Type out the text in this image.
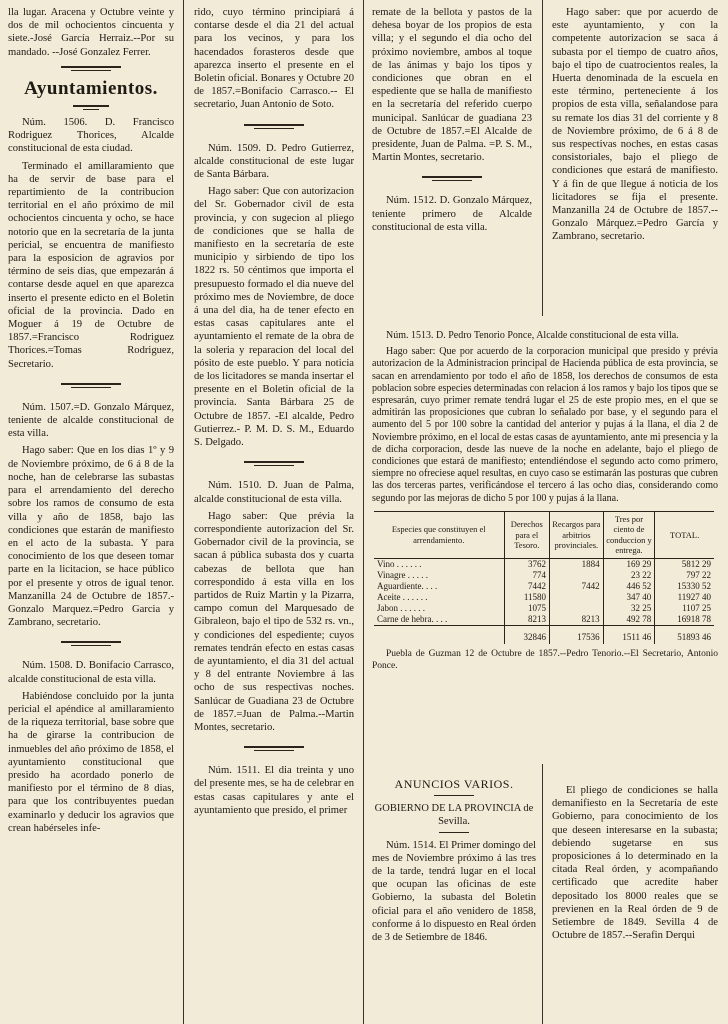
lla lugar. Aracena y Octubre veinte y dos de mil ochocientos cincuenta y siete.-José García Herraiz.--Por su mandado. --José Gonzalez Ferrer.

Ayuntamientos.

Núm. 1506. D. Francisco Rodriguez Thorices, Alcalde constitucional de esta ciudad.

Terminado el amillaramiento que ha de servir de base para el repartimiento de la contribucion territorial en el año próximo de mil ochocientos cincuenta y ocho, se hace notorio que en la secretaría de la junta pericial, se encuentra de manifiesto para la esposicion de agravios por término de seis dias, que empezarán á contarse desde aquel en que aparezca inserto el presente edicto en el Boletin oficial de la provincia. Dado en Moguer á 19 de Octubre de 1857.=Francisco Rodriguez Thorices.=Tomas Rodriguez, Secretario.

Núm. 1507.=D. Gonzalo Márquez, teniente de alcalde constitucional de esta villa.

Hago saber: Que en los dias 1º y 9 de Noviembre próximo, de 6 á 8 de la noche, han de celebrarse las subastas para el arrendamiento del derecho sobre los ramos de consumo de esta villa y año de 1858, bajo las condiciones que estarán de manifiesto en el acto de la subasta. Y para conocimiento de los que deseen tomar parte en la licitacion, se hace público por el presente y otros de igual tenor. Manzanilla 24 de Octubre de 1857.- Gonzalo Marquez.=Pedro Garcia y Zambrano, secretario.

Núm. 1508. D. Bonifacio Carrasco, alcalde constitucional de esta villa.

Habiéndose concluido por la junta pericial el apéndice al amillaramiento de la riqueza territorial, base sobre que ha de girarse la contribucion de inmuebles del año próximo de 1858, el ayuntamiento constitucional que presido ha acordado ponerlo de manifiesto por el término de 8 dias, para que los contribuyentes puedan examinarlo y deducir los agravios que crean habérseles infe-

rido, cuyo término principiará á contarse desde el dia 21 del actual para los vecinos, y para los hacendados forasteros desde que aparezca inserto el presente en el Boletin oficial. Bonares y Octubre 20 de 1857.=Bonifacio Carrasco.-- El secretario, Juan Antonio de Soto.

Núm. 1509. D. Pedro Gutierrez, alcalde constitucional de este lugar de Santa Bárbara.

Hago saber: Que con autorizacion del Sr. Gobernador civil de esta provincia, y con sugecion al pliego de condiciones que se halla de manifiesto en la secretaría de este municipio y sirbiendo de tipo los 1822 rs. 50 céntimos que importa el presupuesto formado el dia nueve del próximo mes de Noviembre, de doce á una del dia, ha de tener efecto en estas casas capitulares ante el ayuntamiento el remate de la obra de la soleria y reparacion del local del pósito de este pueblo. Y para noticia de los licitadores se manda insertar el presente en el Boletin oficial de la provincia. Santa Bárbara 25 de Octubre de 1857. -El alcalde, Pedro Gutierrez.- P. M. D. S. M., Eduardo S. Delgado.

Núm. 1510. D. Juan de Palma, alcalde constitucional de esta villa.

Hago saber: Que prévia la correspondiente autorizacion del Sr. Gobernador civil de la provincia, se sacan á pública subasta dos y cuarta cabezas de bellota que han correspondido á esta villa en los partidos de Ruiz Martin y la Pizarra, campo comun del Marquesado de Gibraleon, bajo el tipo de 532 rs. vn., y condiciones del espediente; cuyos remates tendrán efecto en estas casas de ayuntamiento, el dia 31 del actual y 8 del entrante Noviembre á las ocho de sus respectivas noches. Sanlúcar de Guadiana 23 de Octubre de 1857.=Juan de Palma.--Martin Montes, secretario.

Núm. 1511. El dia treinta y uno del presente mes, se ha de celebrar en estas casas capitulares y ante el ayuntamiento que presido, el primer

remate de la bellota y pastos de la dehesa boyar de los propios de esta villa; y el segundo el dia ocho del próximo noviembre, ambos al toque de las ánimas y bajo los tipos y condiciones que obran en el espediente que se halla de manifiesto en la secretaría del referido cuerpo municipal. Sanlúcar de guadiana 23 de Octubre de 1857.=El Alcalde de presidente, Juan de Palma. =P. S. M., Martin Montes, secretario.

Núm. 1512. D. Gonzalo Márquez, teniente primero de Alcalde constitucional de esta villa.

Hago saber: que por acuerdo de este ayuntamiento, y con la competente autorizacion se saca á subasta por el tiempo de cuatro años, bajo el tipo de cuatrocientos reales, la Huerta denominada de la escuela en este término, perteneciente á los propios de esta villa, señalandose para su remate los dias 31 del corriente y 8 de Noviembre próximo, de 6 á 8 de sus respectivas noches, en estas casas consistoriales, bajo el pliego de condiciones que estará de manifiesto. Y á fin de que llegue á noticia de los licitadores se fija el presente. Manzanilla 24 de Octubre de 1857.--Gonzalo Márquez.=Pedro García y Zambrano, secretario.

Núm. 1513. D. Pedro Tenorio Ponce, Alcalde constitucional de esta villa.

Hago saber: Que por acuerdo de la corporacion municipal que presido y prévia autorizacion de la Administracion principal de Hacienda pública de esta provincia, se sacan en arrendamiento por todo el año de 1858, los derechos de consumos de esta poblacion sobre especies determinadas con relacion á los ramos y bajo los tipos que se espresarán, cuyo primer remate tendrá lugar el 25 de este propio mes, en el que se admitirán las proposiciones que cubran lo señalado por base, y el segundo para el aumento del 5 por 100 sobre la cantidad del anterior y pujas á la llana, el dia 2 de Noviembre próximo, en el local de estas casas de ayuntamiento, ante mi presencia y la de dicha corporacion, desde las nueve de la noche en adelante, bajo el pliego de condiciones que estará de manifiesto; entendiéndose el segundo acto como primero, siempre no ofreciese aquel resultas, en cuyo caso se estimarán las posturas que cubren las dos terceras partes, verificándose el tercero á las ocho dias, considerando como segundo por las mejoras de dicho 5 por 100 y pujas á la llana.

Especies que constituyen el arrendamiento.	Derechos para el Tesoro.	Recargos para arbitrios provinciales.	Tres por ciento de conduccion y entrega.	TOTAL.
Vino . . . . . .	3762	1884	169 29	5812 29
Vinagre . . . . .	774		23 22	797 22
Aguardiente. . . .	7442	7442	446 52	15330 52
Aceite . . . . . .	11580		347 40	11927 40
Jabon . . . . . .	1075		32 25	1107 25
Carne de hebra. . . .	8213	8213	492 78	16918 78
	32846	17536	1511 46	51893 46

Puebla de Guzman 12 de Octubre de 1857.--Pedro Tenorio.--El Secretario, Antonio Ponce.

ANUNCIOS VARIOS.
GOBIERNO DE LA PROVINCIA de Sevilla.

Núm. 1514. El Primer domingo del mes de Noviembre próximo á las tres de la tarde, tendrá lugar en el local que ocupan las oficinas de este Gobierno, la subasta del Boletin oficial para el año venidero de 1858, conforme á lo dispuesto en Real órden de 3 de Setiembre de 1846.

El pliego de condiciones se halla demanifiesto en la Secretaría de este Gobierno, para conocimiento de los que deseen interesarse en la subasta; debiendo sugetarse en sus proposiciones á lo determinado en la citada Real órden, y acompañando certificado que acredite haber depositado los 8000 reales que se previenen en la Real órden de 9 de Setiembre de 1849. Sevilla 4 de Octubre de 1857.--Serafin Derqui
